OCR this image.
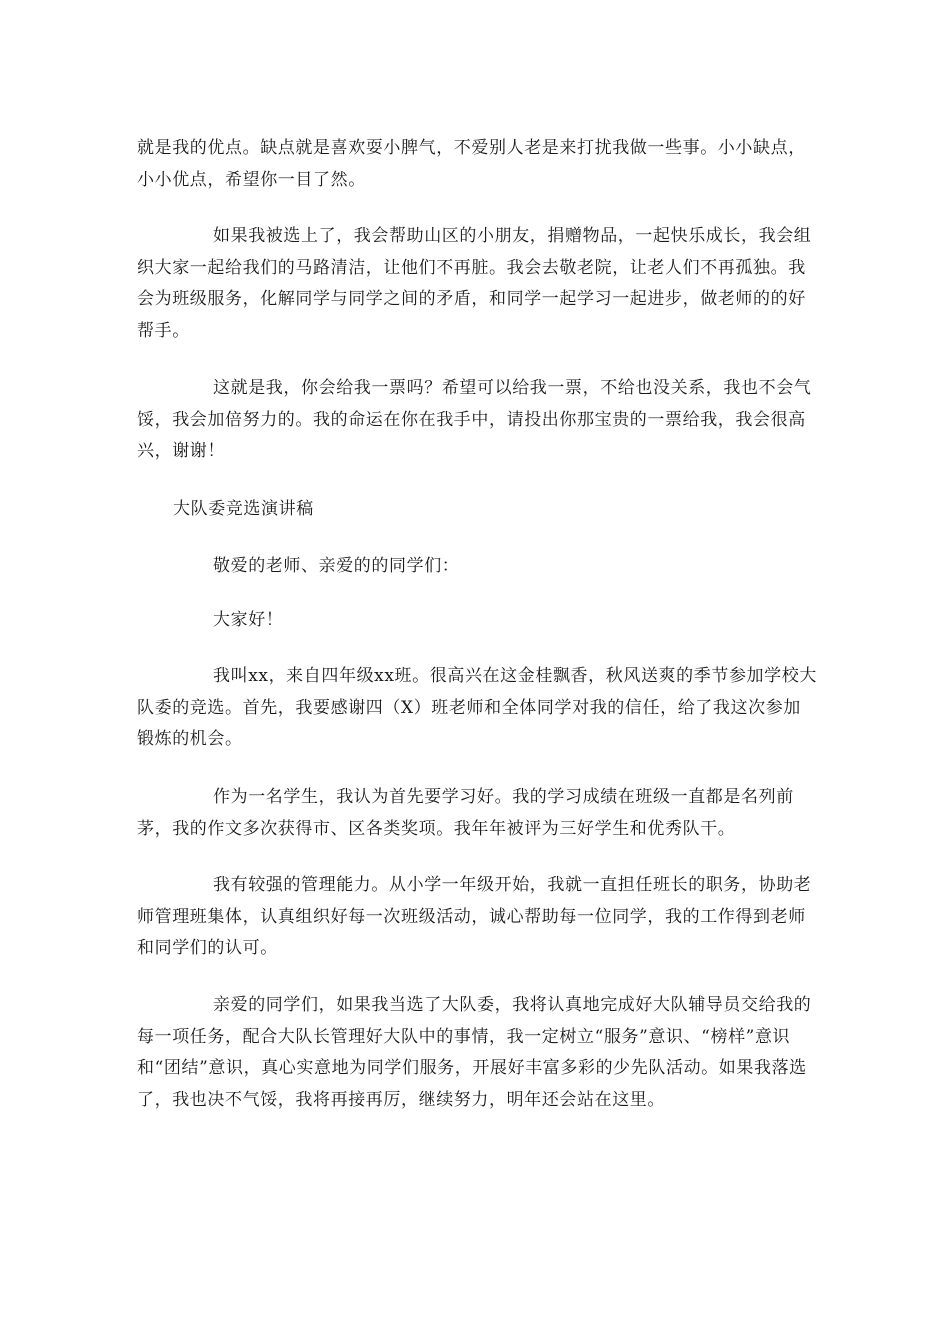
就是我的优点。缺点就是喜欢耍小脾气，不爱别人老是来打扰我做一些事。小小缺点，小小优点，希望你一目了然。

如果我被选上了，我会帮助山区的小朋友，捐赠物品，一起快乐成长，我会组织大家一起给我们的马路清洁，让他们不再脏。我会去敬老院，让老人们不再孤独。我会为班级服务，化解同学与同学之间的矛盾，和同学一起学习一起进步，做老师的的好帮手。

这就是我，你会给我一票吗？希望可以给我一票，不给也没关系，我也不会气馁，我会加倍努力的。我的命运在你在我手中，请投出你那宝贵的一票给我，我会很高兴，谢谢！

大队委竞选演讲稿

敬爱的老师、亲爱的的同学们：

大家好！

我叫xx，来自四年级xx班。很高兴在这金桂飘香，秋风送爽的季节参加学校大队委的竞选。首先，我要感谢四（X）班老师和全体同学对我的信任，给了我这次参加锻炼的机会。

作为一名学生，我认为首先要学习好。我的学习成绩在班级一直都是名列前茅，我的作文多次获得市、区各类奖项。我年年被评为三好学生和优秀队干。

我有较强的管理能力。从小学一年级开始，我就一直担任班长的职务，协助老师管理班集体，认真组织好每一次班级活动，诚心帮助每一位同学，我的工作得到老师和同学们的认可。

亲爱的同学们，如果我当选了大队委，我将认真地完成好大队辅导员交给我的每一项任务，配合大队长管理好大队中的事情，我一定树立“服务”意识、“榜样”意识和“团结”意识，真心实意地为同学们服务，开展好丰富多彩的少先队活动。如果我落选了，我也决不气馁，我将再接再厉，继续努力，明年还会站在这里。
